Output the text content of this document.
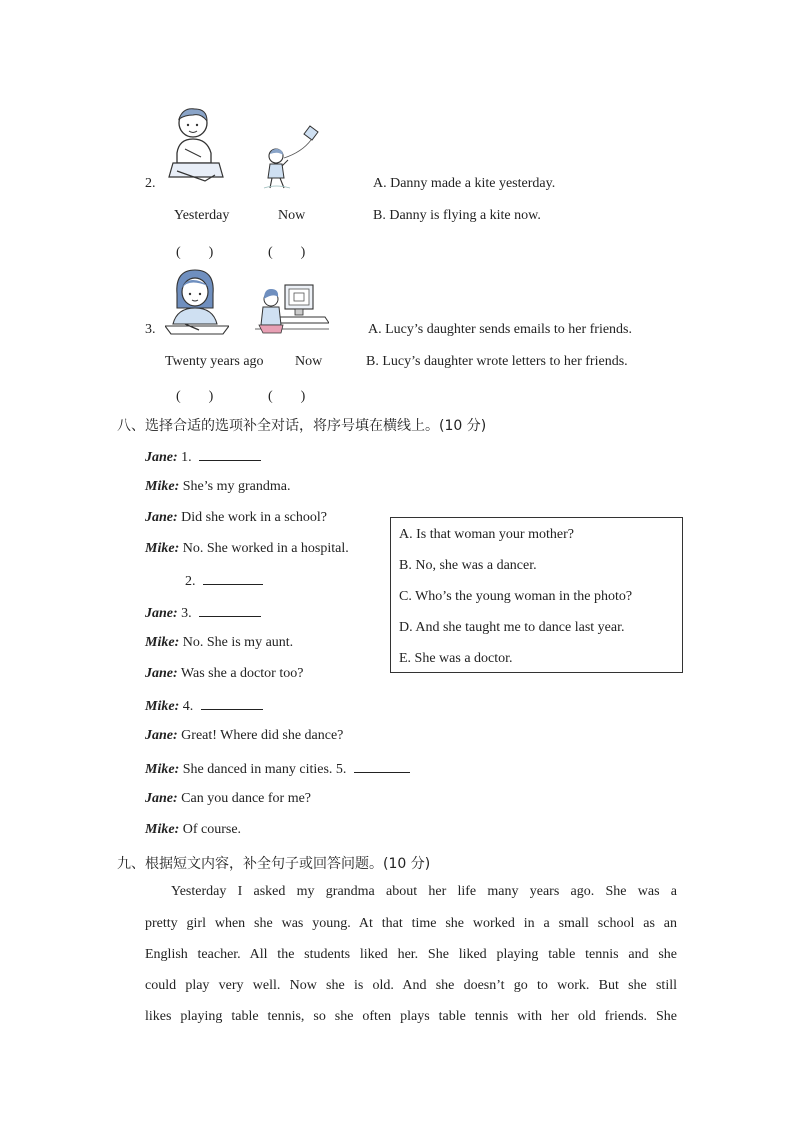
2.
Yesterday	Now
(　　)	(　　)
A. Danny made a kite yesterday.
B. Danny is flying a kite now.
3.
Twenty years ago Now
(　　)	(　　)
A. Lucy’s daughter sends emails to her friends.
B. Lucy’s daughter wrote letters to her friends.
八、选择合适的选项补全对话，将序号填在横线上。(10 分)
Jane: 1.
Mike: She’s my grandma.
Jane: Did she work in a school?
Mike: No. She worked in a hospital.
2.
Jane: 3.
Mike: No. She is my aunt.
Jane: Was she a doctor too?
Mike: 4.
Jane: Great! Where did she dance?
Mike: She danced in many cities. 5.
Jane: Can you dance for me?
Mike: Of course.
A. Is that woman your mother?
B. No, she was a dancer.
C. Who’s the young woman in the photo?
D. And she taught me to dance last year.
E. She was a doctor.
九、根据短文内容，补全句子或回答问题。(10 分)
Yesterday I asked my grandma about her life many years ago. She was a
pretty girl when she was young. At that time she worked in a small school as an
English teacher. All the students liked her. She liked playing table tennis and she
could play very well. Now she is old. And she doesn’t go to work. But she still
likes playing table tennis, so she often plays table tennis with her old friends. She
